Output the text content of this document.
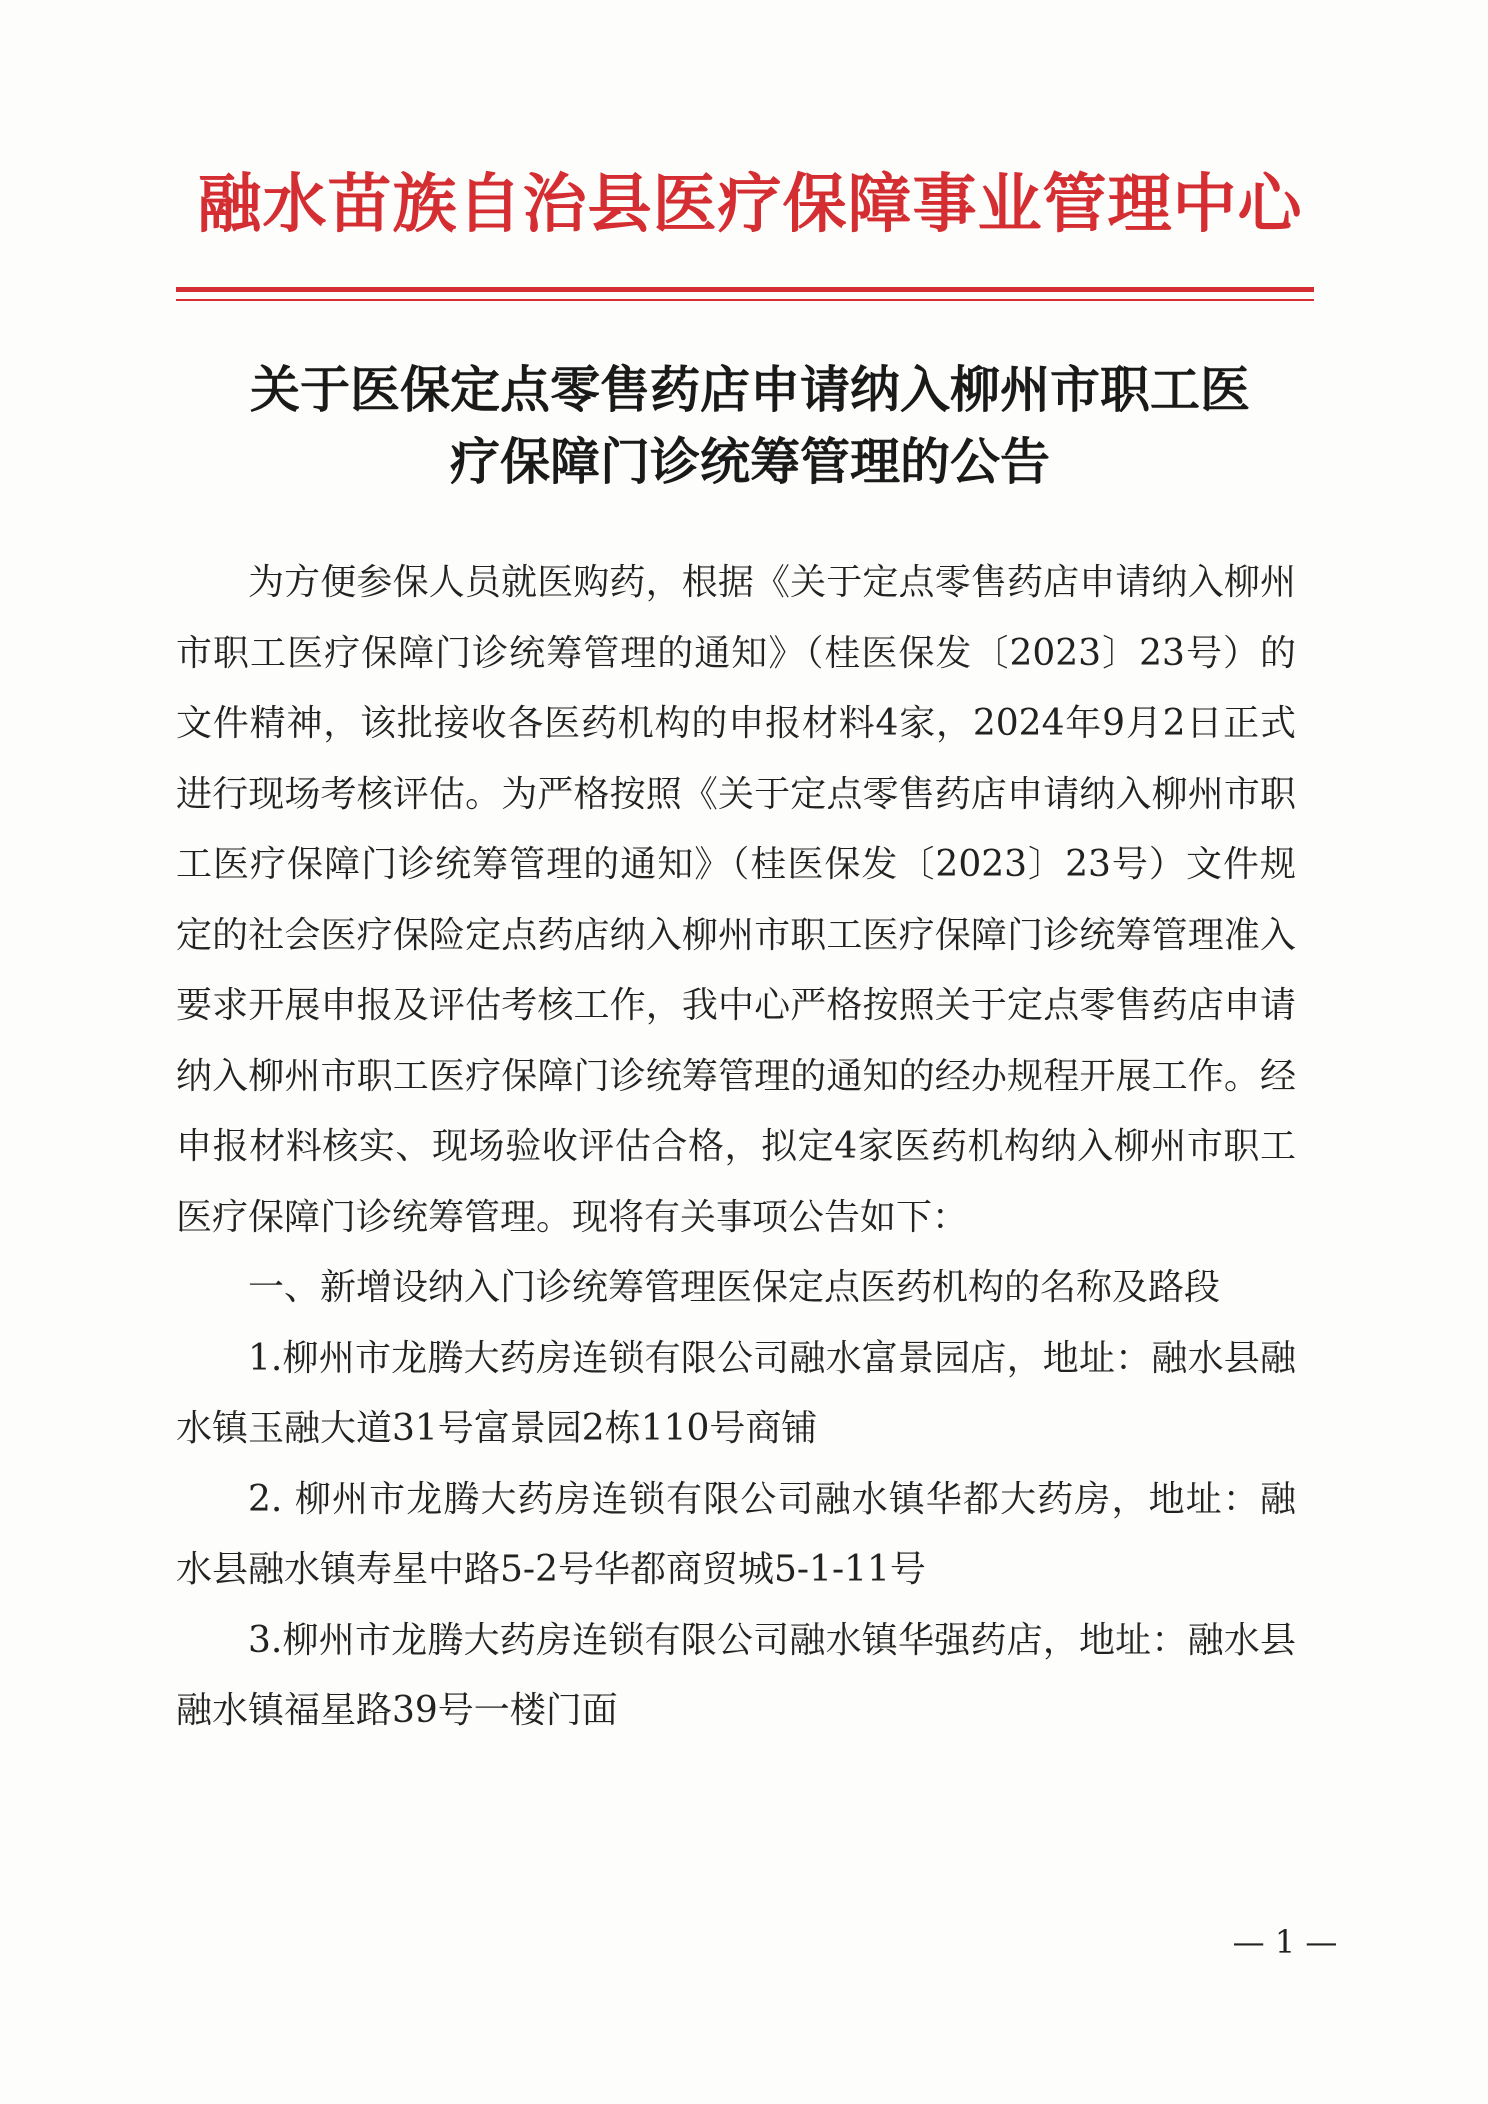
融水苗族自治县医疗保障事业管理中心
关于医保定点零售药店申请纳入柳州市职工医
疗保障门诊统筹管理的公告

为方便参保人员就医购药，根据《关于定点零售药店申请纳入柳州市职工医疗保障门诊统筹管理的通知》（桂医保发〔2023〕23号）的文件精神，该批接收各医药机构的申报材料4家，2024年9月2日正式进行现场考核评估。为严格按照《关于定点零售药店申请纳入柳州市职工医疗保障门诊统筹管理的通知》（桂医保发〔2023〕23号）文件规定的社会医疗保险定点药店纳入柳州市职工医疗保障门诊统筹管理准入要求开展申报及评估考核工作，我中心严格按照关于定点零售药店申请纳入柳州市职工医疗保障门诊统筹管理的通知的经办规程开展工作。经申报材料核实、现场验收评估合格，拟定4家医药机构纳入柳州市职工医疗保障门诊统筹管理。现将有关事项公告如下：

一、新增设纳入门诊统筹管理医保定点医药机构的名称及路段

1.柳州市龙腾大药房连锁有限公司融水富景园店，地址：融水县融水镇玉融大道31号富景园2栋110号商铺

2. 柳州市龙腾大药房连锁有限公司融水镇华都大药房，地址：融水县融水镇寿星中路5-2号华都商贸城5-1-11号

3.柳州市龙腾大药房连锁有限公司融水镇华强药店，地址：融水县融水镇福星路39号一楼门面

— 1 —
